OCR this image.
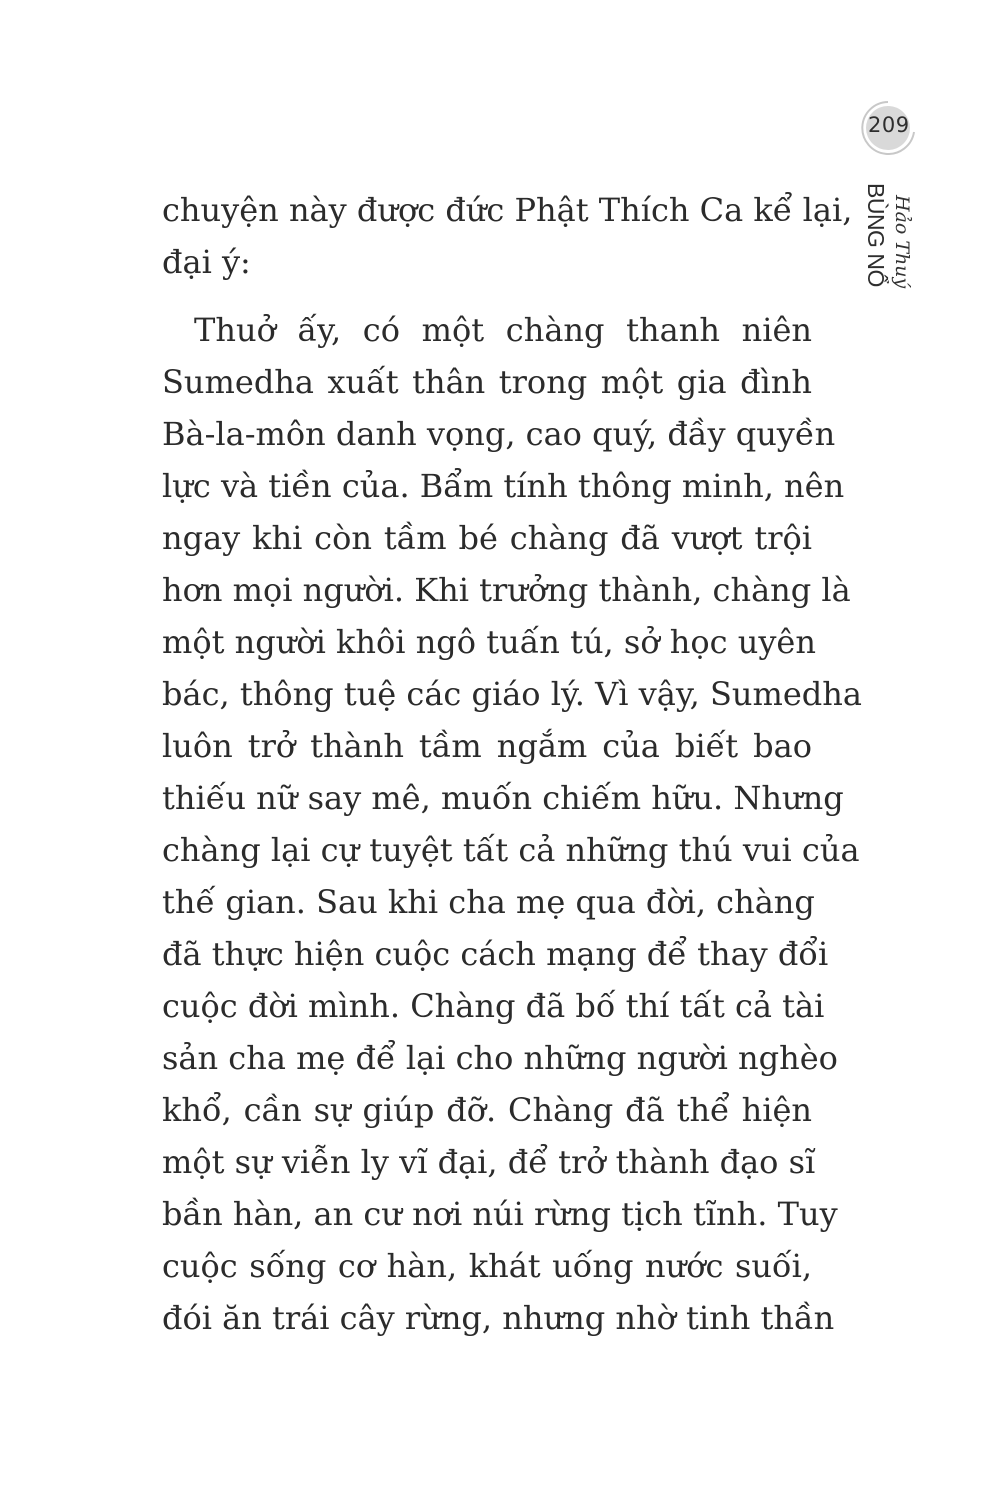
209
BÙNG NỔ Hảo Thuý
chuyện này được đức Phật Thích Ca kể lại,
đại ý:
Thuở ấy, có một chàng thanh niên
Sumedha xuất thân trong một gia đình
Bà-la-môn danh vọng, cao quý, đầy quyền
lực và tiền của. Bẩm tính thông minh, nên
ngay khi còn tầm bé chàng đã vượt trội
hơn mọi người. Khi trưởng thành, chàng là
một người khôi ngô tuấn tú, sở học uyên
bác, thông tuệ các giáo lý. Vì vậy, Sumedha
luôn trở thành tầm ngắm của biết bao
thiếu nữ say mê, muốn chiếm hữu. Nhưng
chàng lại cự tuyệt tất cả những thú vui của
thế gian. Sau khi cha mẹ qua đời, chàng
đã thực hiện cuộc cách mạng để thay đổi
cuộc đời mình. Chàng đã bố thí tất cả tài
sản cha mẹ để lại cho những người nghèo
khổ, cần sự giúp đỡ. Chàng đã thể hiện
một sự viễn ly vĩ đại, để trở thành đạo sĩ
bần hàn, an cư nơi núi rừng tịch tĩnh. Tuy
cuộc sống cơ hàn, khát uống nước suối,
đói ăn trái cây rừng, nhưng nhờ tinh thần
